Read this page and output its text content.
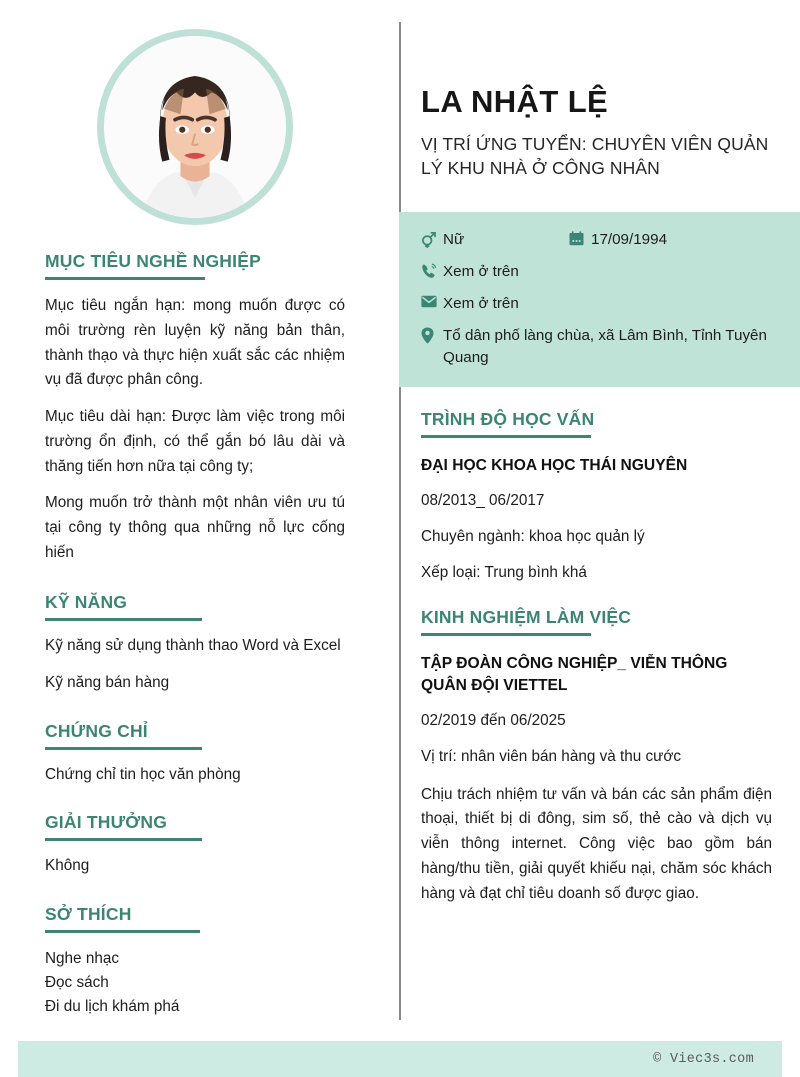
MỤC TIÊU NGHỀ NGHIỆP

Mục tiêu ngắn hạn: mong muốn được có môi trường rèn luyện kỹ năng bản thân, thành thạo và thực hiện xuất sắc các nhiệm vụ đã được phân công.

Mục tiêu dài hạn: Được làm việc trong môi trường ổn định, có thể gắn bó lâu dài và thăng tiến hơn nữa tại công ty;

Mong muốn trở thành một nhân viên ưu tú tại công ty thông qua những nỗ lực cống hiến

KỸ NĂNG

Kỹ năng sử dụng thành thao Word và Excel

Kỹ năng bán hàng

CHỨNG CHỈ

Chứng chỉ tin học văn phòng

GIẢI THƯỞNG

Không

SỞ THÍCH

Nghe nhạc

Đọc sách

Đi du lịch khám phá

LA NHẬT LỆ

VỊ TRÍ ỨNG TUYỂN: CHUYÊN VIÊN QUẢN LÝ KHU NHÀ Ở CÔNG NHÂN

Nữ	17/09/1994
Xem ở trên
Xem ở trên
Tổ dân phố làng chùa, xã Lâm Bình, Tỉnh Tuyên Quang
TRÌNH ĐỘ HỌC VẤN

ĐẠI HỌC KHOA HỌC THÁI NGUYÊN

08/2013_ 06/2017

Chuyên ngành: khoa học quản lý

Xếp loại: Trung bình khá

KINH NGHIỆM LÀM VIỆC

TẬP ĐOÀN CÔNG NGHIỆP_ VIỄN THÔNG QUÂN ĐỘI VIETTEL

02/2019 đến 06/2025

Vị trí: nhân viên bán hàng và thu cước

Chịu trách nhiệm tư vấn và bán các sản phẩm điện thoại, thiết bị di đông, sim số, thẻ cào và dịch vụ viễn thông internet. Công việc bao gồm bán hàng/thu tiền, giải quyết khiếu nại, chăm sóc khách hàng và đạt chỉ tiêu doanh số được giao.

© Viec3s.com
